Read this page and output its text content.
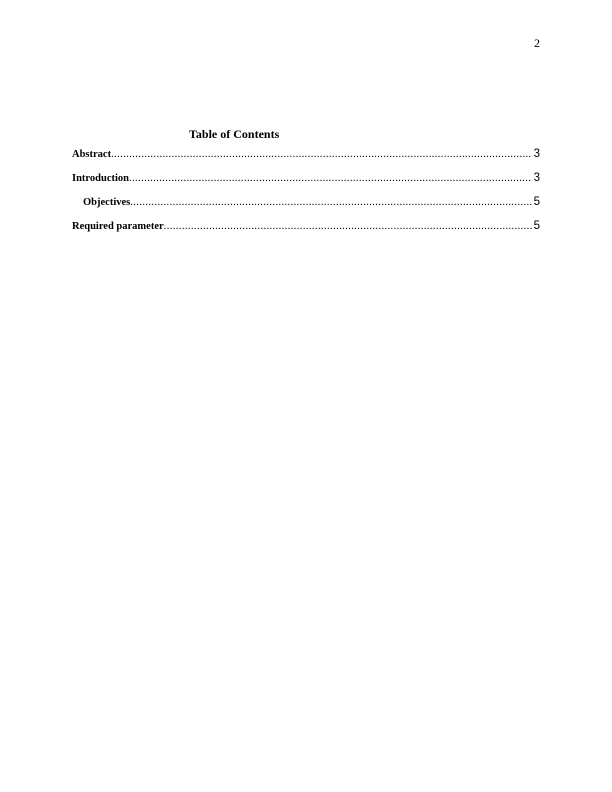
2
Table of Contents
Abstract .....	3
Introduction .....	3
Objectives .....	5
Required parameter .....	5
